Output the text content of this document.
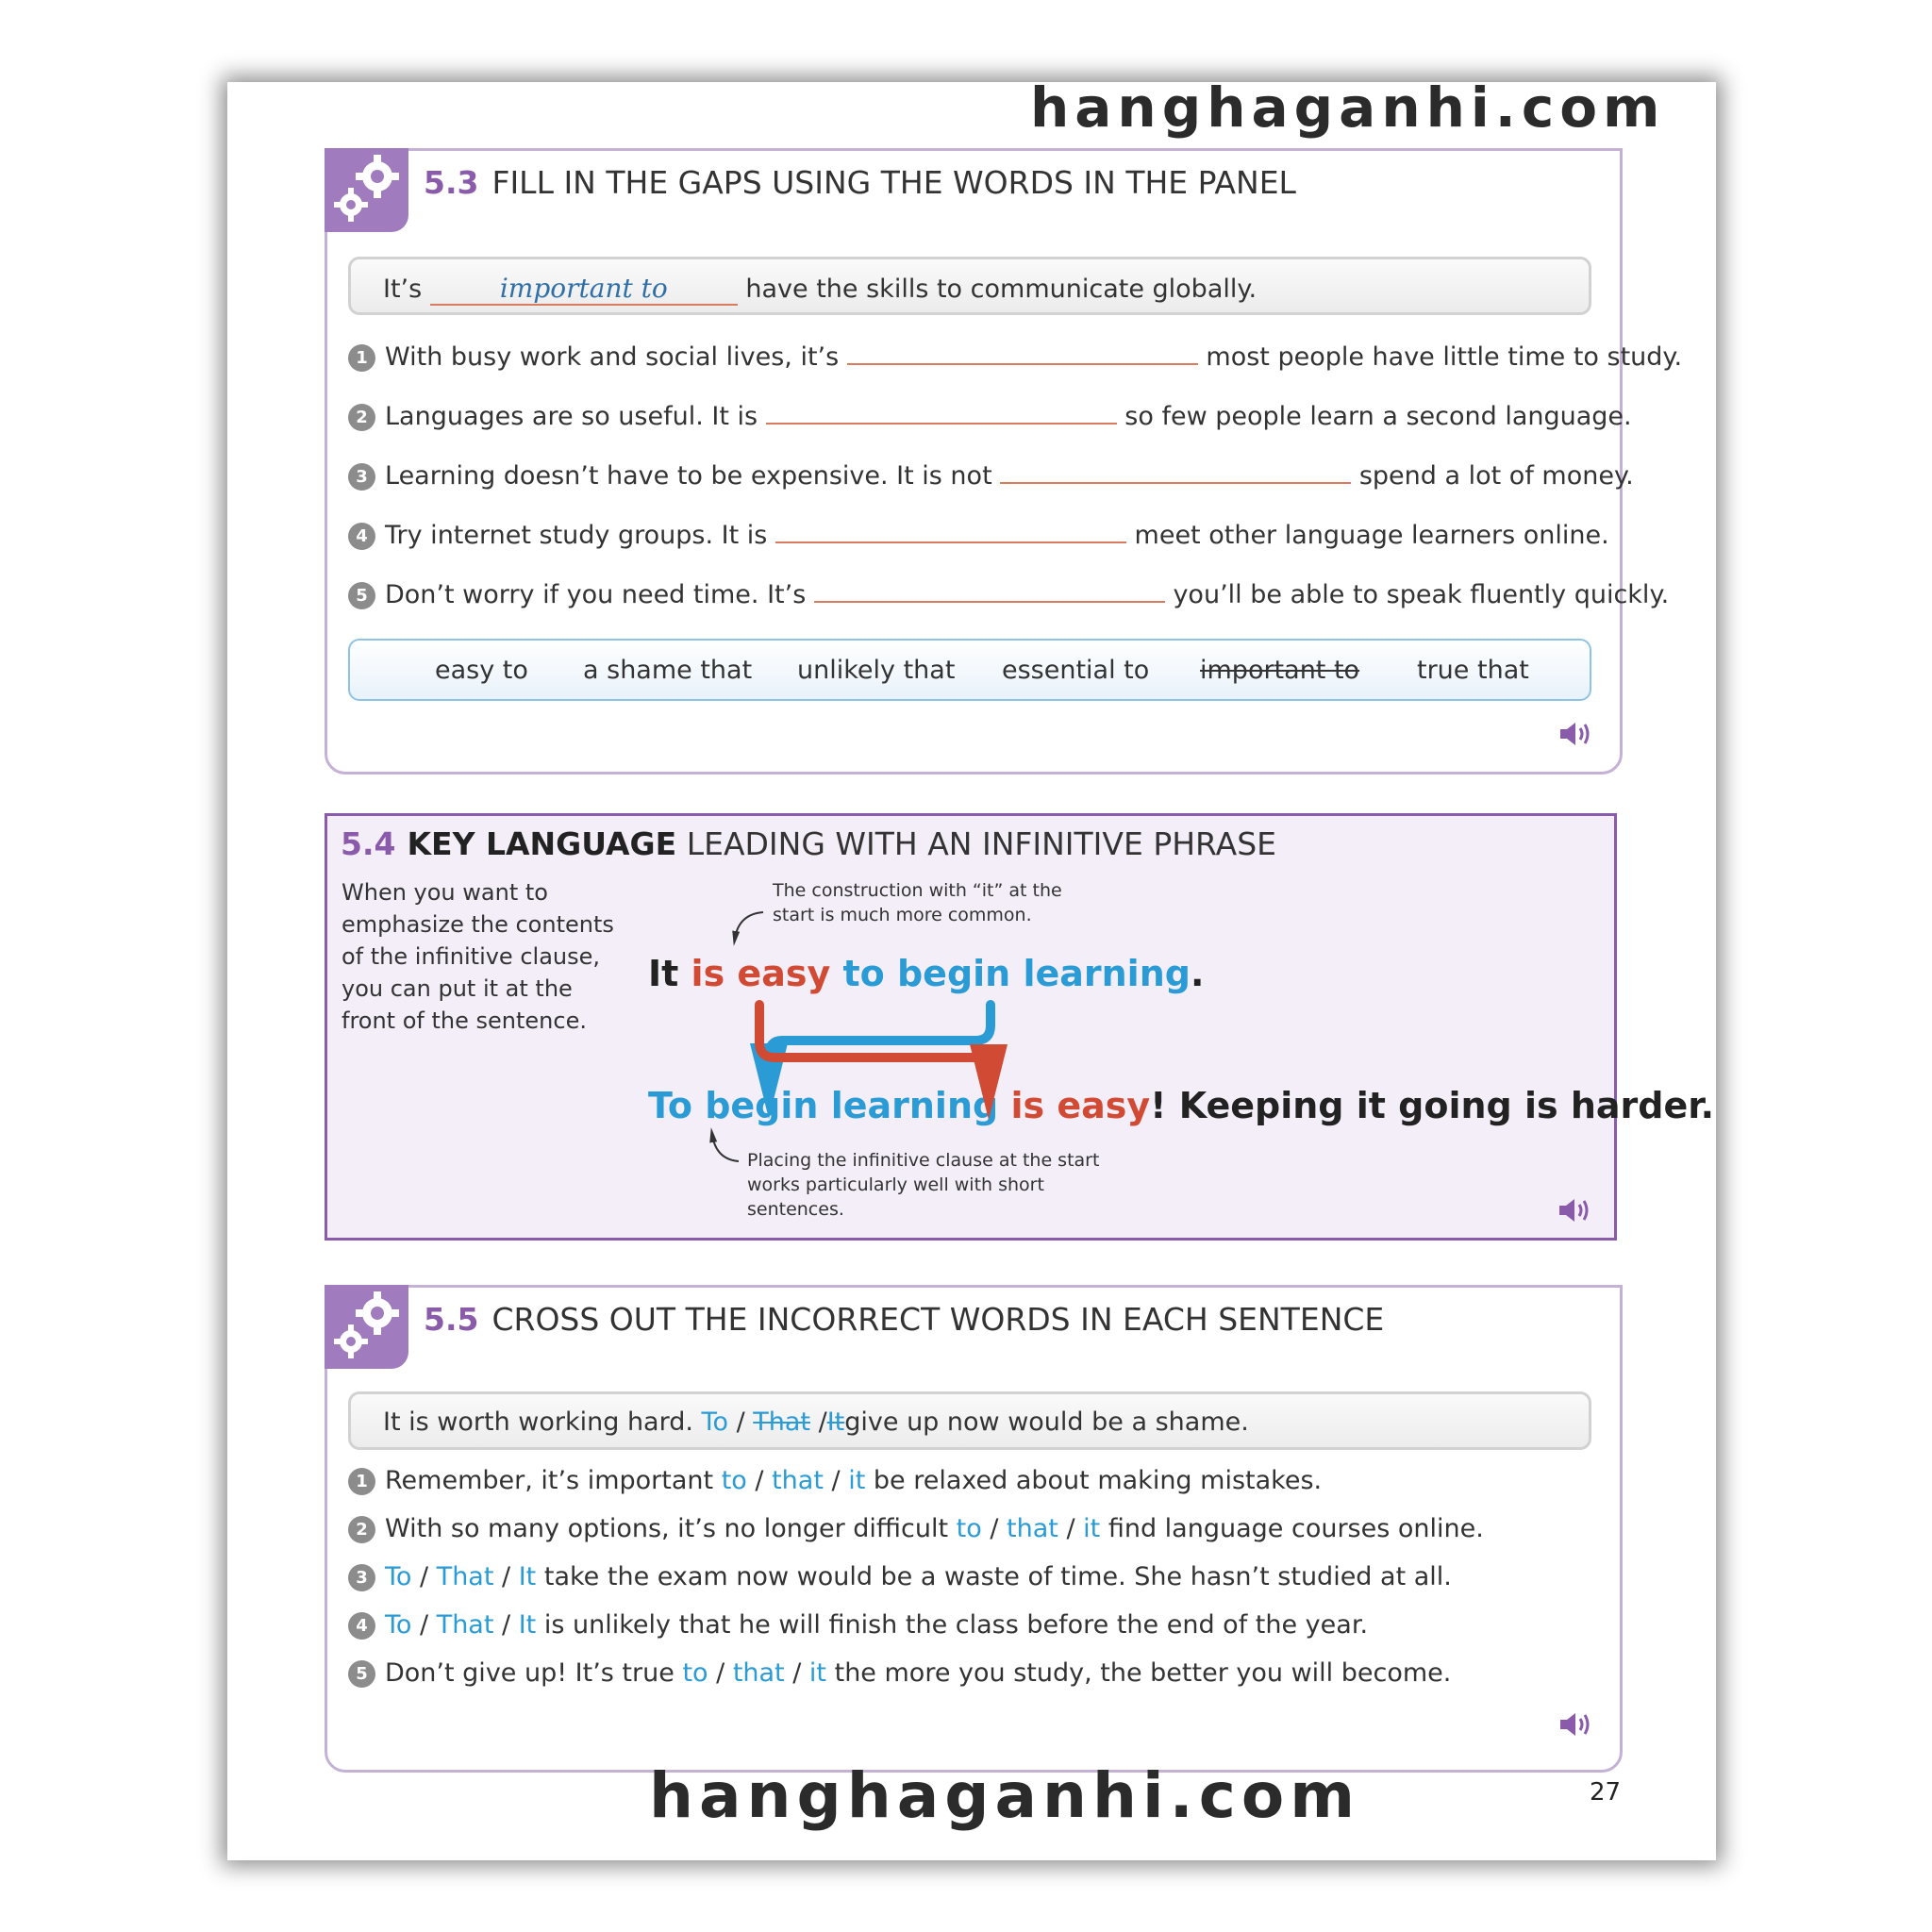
hanghaganhi.com
5.3 FILL IN THE GAPS USING THE WORDS IN THE PANEL
It’s	important to	have the skills to communicate globally.
1 With busy work and social lives, it’s	most people have little time to study.
2 Languages are so useful. It is	so few people learn a second language.
3 Learning doesn’t have to be expensive. It is not	spend a lot of money.
4 Try internet study groups. It is	meet other language learners online.
5 Don’t worry if you need time. It’s	you’ll be able to speak fluently quickly.
easy to a shame that unlikely that essential to important to true that
5.4 KEY LANGUAGE LEADING WITH AN INFINITIVE PHRASE
When you want to emphasize the contents of the infinitive clause, you can put it at the front of the sentence.
The construction with “it” at the start is much more common.
Placing the infinitive clause at the start works particularly well with short sentences.
It is easy to begin learning.
To begin learning is easy! Keeping it going is harder.
5.5 CROSS OUT THE INCORRECT WORDS IN EACH SENTENCE
It is worth working hard. To / That /Itgive up now would be a shame.
1 Remember, it’s important to / that / it be relaxed about making mistakes.
2 With so many options, it’s no longer difficult to / that / it find language courses online.
3 To / That / It take the exam now would be a waste of time. She hasn’t studied at all.
4 To / That / It is unlikely that he will finish the class before the end of the year.
5 Don’t give up! It’s true to / that / it the more you study, the better you will become.
hanghaganhi.com	27
